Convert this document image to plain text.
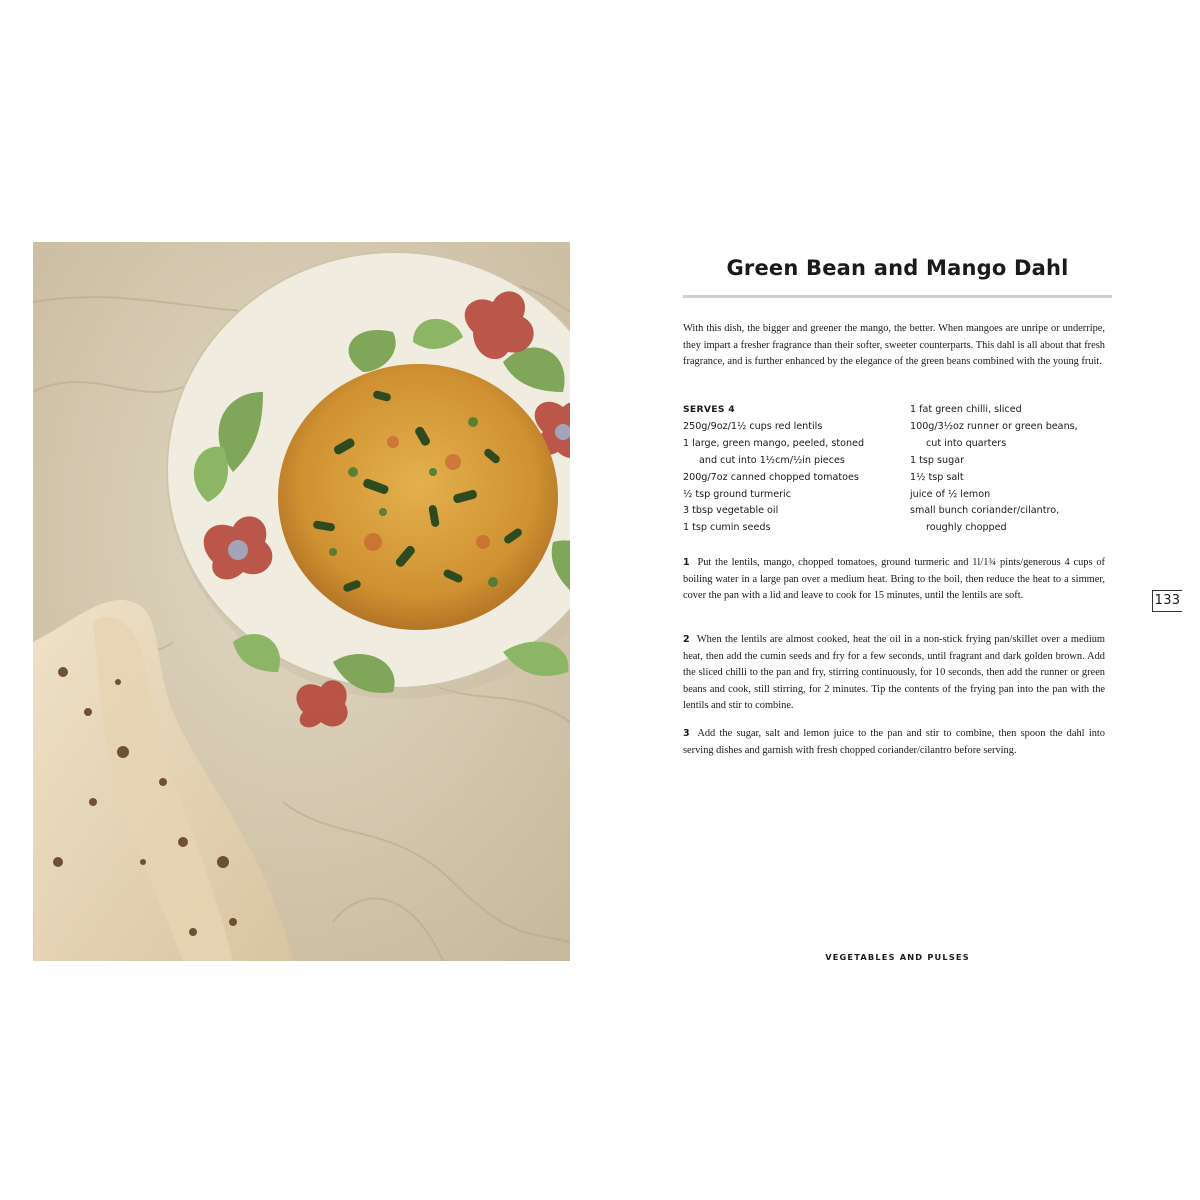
Green Bean and Mango Dahl

With this dish, the bigger and greener the mango, the better. When mangoes are unripe or underripe, they impart a fresher fragrance than their softer, sweeter counterparts. This dahl is all about that fresh fragrance, and is further enhanced by the elegance of the green beans combined with the young fruit.

SERVES 4
250g/9oz/1½ cups red lentils
1 large, green mango, peeled, stoned
and cut into 1½cm/½in pieces
200g/7oz canned chopped tomatoes
½ tsp ground turmeric
3 tbsp vegetable oil
1 tsp cumin seeds
1 fat green chilli, sliced
100g/3½oz runner or green beans,
cut into quarters
1 tsp sugar
1½ tsp salt
juice of ½ lemon
small bunch coriander/cilantro,
roughly chopped

1 Put the lentils, mango, chopped tomatoes, ground turmeric and 1l/1¾ pints/generous 4 cups of boiling water in a large pan over a medium heat. Bring to the boil, then reduce the heat to a simmer, cover the pan with a lid and leave to cook for 15 minutes, until the lentils are soft.

2 When the lentils are almost cooked, heat the oil in a non-stick frying pan/skillet over a medium heat, then add the cumin seeds and fry for a few seconds, until fragrant and dark golden brown. Add the sliced chilli to the pan and fry, stirring continuously, for 10 seconds, then add the runner or green beans and cook, still stirring, for 2 minutes. Tip the contents of the frying pan into the pan with the lentils and stir to combine.

3 Add the sugar, salt and lemon juice to the pan and stir to combine, then spoon the dahl into serving dishes and garnish with fresh chopped coriander/cilantro before serving.

133
VEGETABLES AND PULSES
